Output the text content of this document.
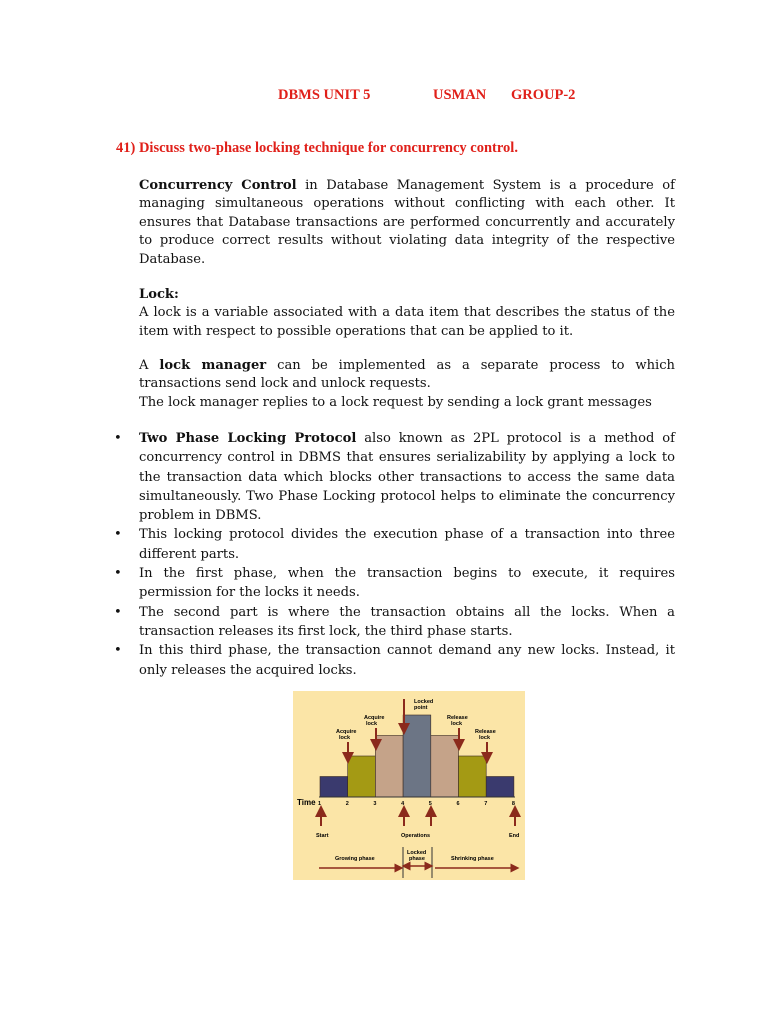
DBMS UNIT 5	USMAN GROUP-2
41) Discuss two-phase locking technique for concurrency control.

Concurrency Control in Database Management System is a procedure of managing simultaneous operations without conflicting with each other. It ensures that Database transactions are performed concurrently and accurately to produce correct results without violating data integrity of the respective Database.

Lock:
A lock is a variable associated with a data item that describes the status of the item with respect to possible operations that can be applied to it.

A lock manager can be implemented as a separate process to which transactions send lock and unlock requests.
The lock manager replies to a lock request by sending a lock grant messages

• Two Phase Locking Protocol also known as 2PL protocol is a method of concurrency control in DBMS that ensures serializability by applying a lock to the transaction data which blocks other transactions to access the same data simultaneously. Two Phase Locking protocol helps to eliminate the concurrency problem in DBMS.
• This locking protocol divides the execution phase of a transaction into three different parts.
• In the first phase, when the transaction begins to execute, it requires permission for the locks it needs.
• The second part is where the transaction obtains all the locks. When a transaction releases its first lock, the third phase starts.
• In this third phase, the transaction cannot demand any new locks. Instead, it only releases the acquired locks.
1	2	3	4	5	6	7	8
Locked
point
Acquire
lock
Acquire
lock
Release
lock
Release
lock
Time
Start	Operations	End
Growing phase
Locked
phase	Shrinking phase
